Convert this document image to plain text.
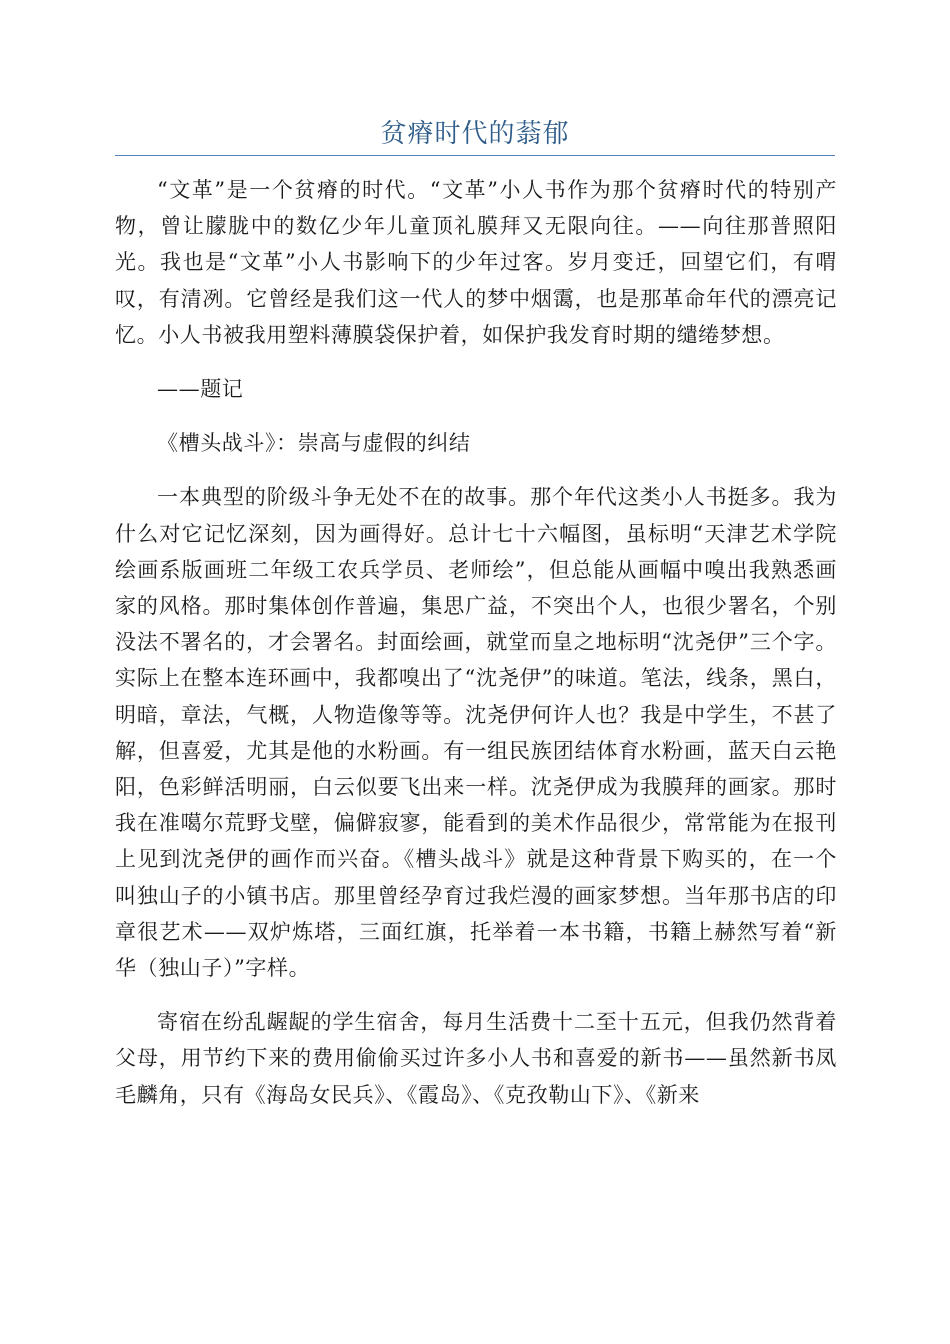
贫瘠时代的蓊郁

“文革”是一个贫瘠的时代。“文革”小人书作为那个贫瘠时代的特别产物，曾让朦胧中的数亿少年儿童顶礼膜拜又无限向往。——向往那普照阳光。我也是“文革”小人书影响下的少年过客。岁月变迁，回望它们，有喟叹，有清冽。它曾经是我们这一代人的梦中烟霭，也是那革命年代的漂亮记忆。小人书被我用塑料薄膜袋保护着，如保护我发育时期的缱绻梦想。

——题记

《槽头战斗》：崇高与虚假的纠结

一本典型的阶级斗争无处不在的故事。那个年代这类小人书挺多。我为什么对它记忆深刻，因为画得好。总计七十六幅图，虽标明“天津艺术学院绘画系版画班二年级工农兵学员、老师绘”，但总能从画幅中嗅出我熟悉画家的风格。那时集体创作普遍，集思广益，不突出个人，也很少署名，个别没法不署名的，才会署名。封面绘画，就堂而皇之地标明“沈尧伊”三个字。实际上在整本连环画中，我都嗅出了“沈尧伊”的味道。笔法，线条，黑白，明暗，章法，气概，人物造像等等。沈尧伊何许人也？我是中学生，不甚了解，但喜爱，尤其是他的水粉画。有一组民族团结体育水粉画，蓝天白云艳阳，色彩鲜活明丽，白云似要飞出来一样。沈尧伊成为我膜拜的画家。那时我在准噶尔荒野戈壁，偏僻寂寥，能看到的美术作品很少，常常能为在报刊上见到沈尧伊的画作而兴奋。《槽头战斗》就是这种背景下购买的，在一个叫独山子的小镇书店。那里曾经孕育过我烂漫的画家梦想。当年那书店的印章很艺术——双炉炼塔，三面红旗，托举着一本书籍，书籍上赫然写着“新华（独山子）”字样。

寄宿在纷乱龌龊的学生宿舍，每月生活费十二至十五元，但我仍然背着父母，用节约下来的费用偷偷买过许多小人书和喜爱的新书——虽然新书凤毛麟角，只有《海岛女民兵》、《霞岛》、《克孜勒山下》、《新来
